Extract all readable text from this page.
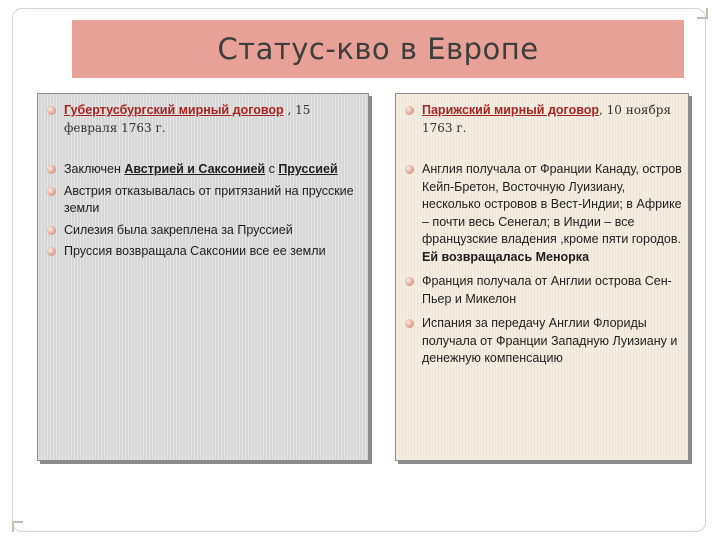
Статус-кво в Европе
Губертусбургский мирный договор , 15
февраля 1763 г.
Заключен Австрией и Саксонией с Пруссией
Австрия отказывалась от притязаний на прусские земли
Силезия была закреплена за Пруссией
Пруссия возвращала Саксонии все ее земли
Парижский мирный договор, 10 ноября
1763 г.
Англия получала от Франции Канаду, остров Кейп-Бретон, Восточную Луизиану, несколько островов в Вест-Индии; в Африке – почти весь Сенегал; в Индии – все французские владения ,кроме пяти городов. Ей возвращалась Менорка
Франция получала от Англии острова Сен-Пьер и Микелон
Испания за передачу Англии Флориды получала от Франции Западную Луизиану и денежную компенсацию
